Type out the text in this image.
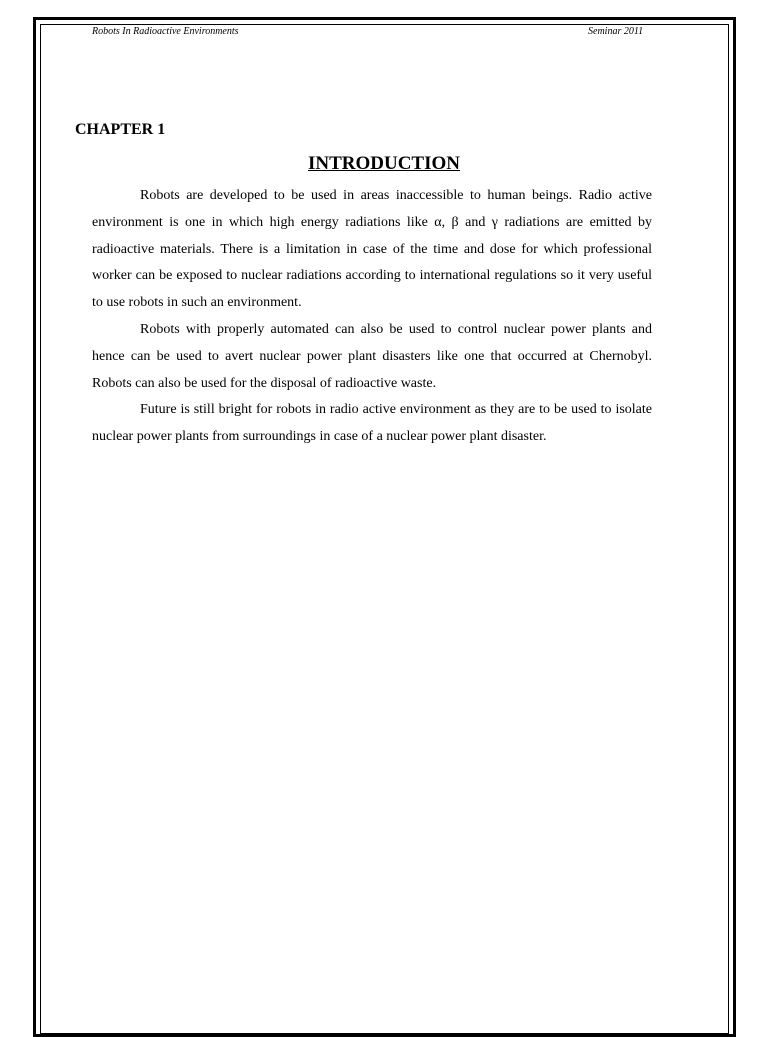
Robots In Radioactive Environments	Seminar 2011
CHAPTER 1
INTRODUCTION

Robots are developed to be used in areas inaccessible to human beings. Radio active environment is one in which high energy radiations like α, β and γ radiations are emitted by radioactive materials. There is a limitation in case of the time and dose for which professional worker can be exposed to nuclear radiations according to international regulations so it very useful to use robots in such an environment.

Robots with properly automated can also be used to control nuclear power plants and hence can be used to avert nuclear power plant disasters like one that occurred at Chernobyl. Robots can also be used for the disposal of radioactive waste.

Future is still bright for robots in radio active environment as they are to be used to isolate nuclear power plants from surroundings in case of a nuclear power plant disaster.
